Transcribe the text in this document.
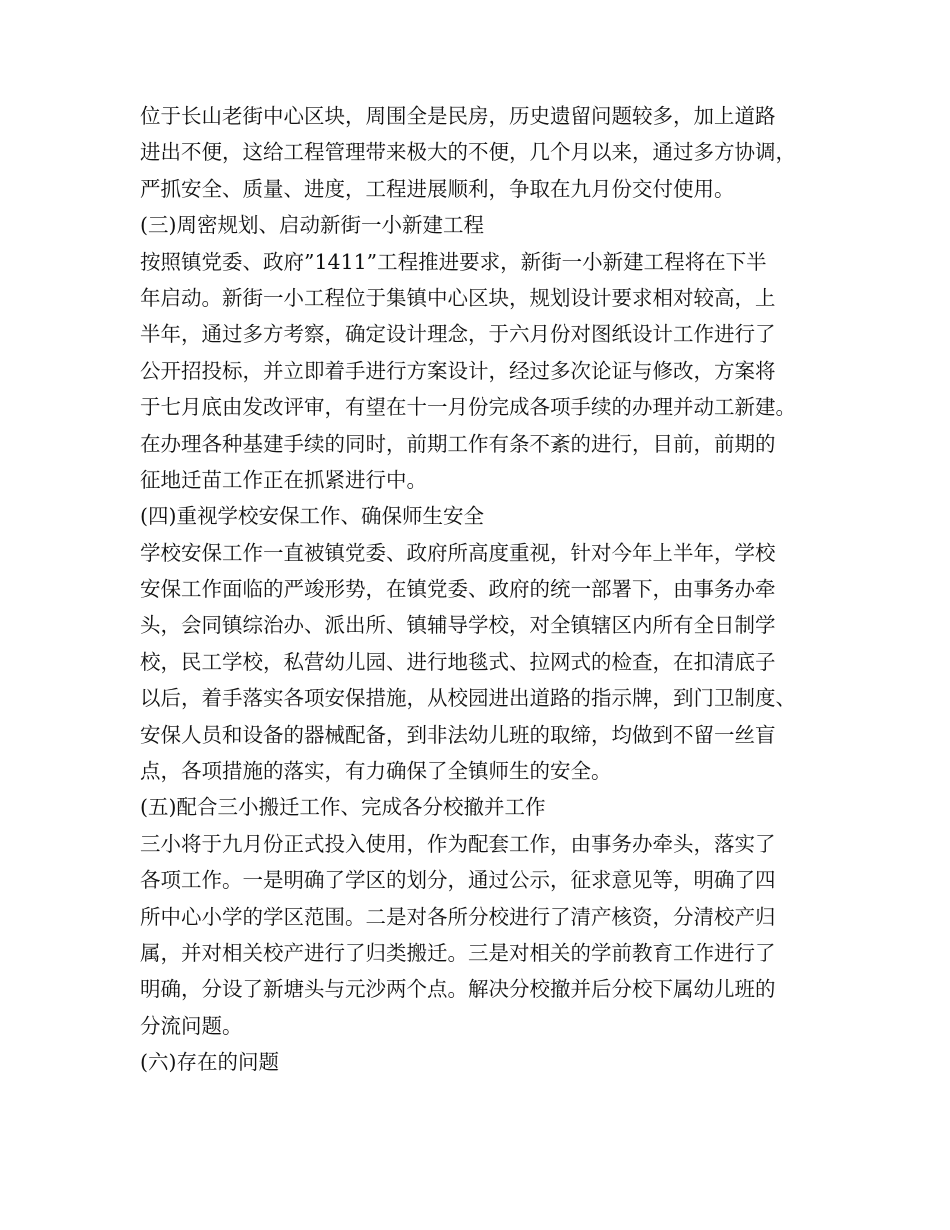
位于长山老街中心区块，周围全是民房，历史遗留问题较多，加上道路
进出不便，这给工程管理带来极大的不便，几个月以来，通过多方协调，
严抓安全、质量、进度，工程进展顺利，争取在九月份交付使用。
(三)周密规划、启动新街一小新建工程
按照镇党委、政府”1411”工程推进要求，新街一小新建工程将在下半
年启动。新街一小工程位于集镇中心区块，规划设计要求相对较高，上
半年，通过多方考察，确定设计理念，于六月份对图纸设计工作进行了
公开招投标，并立即着手进行方案设计，经过多次论证与修改，方案将
于七月底由发改评审，有望在十一月份完成各项手续的办理并动工新建。
在办理各种基建手续的同时，前期工作有条不紊的进行，目前，前期的
征地迁苗工作正在抓紧进行中。
(四)重视学校安保工作、确保师生安全
学校安保工作一直被镇党委、政府所高度重视，针对今年上半年，学校
安保工作面临的严竣形势，在镇党委、政府的统一部署下，由事务办牵
头，会同镇综治办、派出所、镇辅导学校，对全镇辖区内所有全日制学
校，民工学校，私营幼儿园、进行地毯式、拉网式的检查，在扣清底子
以后，着手落实各项安保措施，从校园进出道路的指示牌，到门卫制度、
安保人员和设备的器械配备，到非法幼儿班的取缔，均做到不留一丝盲
点，各项措施的落实，有力确保了全镇师生的安全。
(五)配合三小搬迁工作、完成各分校撤并工作
三小将于九月份正式投入使用，作为配套工作，由事务办牵头，落实了
各项工作。一是明确了学区的划分，通过公示，征求意见等，明确了四
所中心小学的学区范围。二是对各所分校进行了清产核资，分清校产归
属，并对相关校产进行了归类搬迁。三是对相关的学前教育工作进行了
明确，分设了新塘头与元沙两个点。解决分校撤并后分校下属幼儿班的
分流问题。
(六)存在的问题
